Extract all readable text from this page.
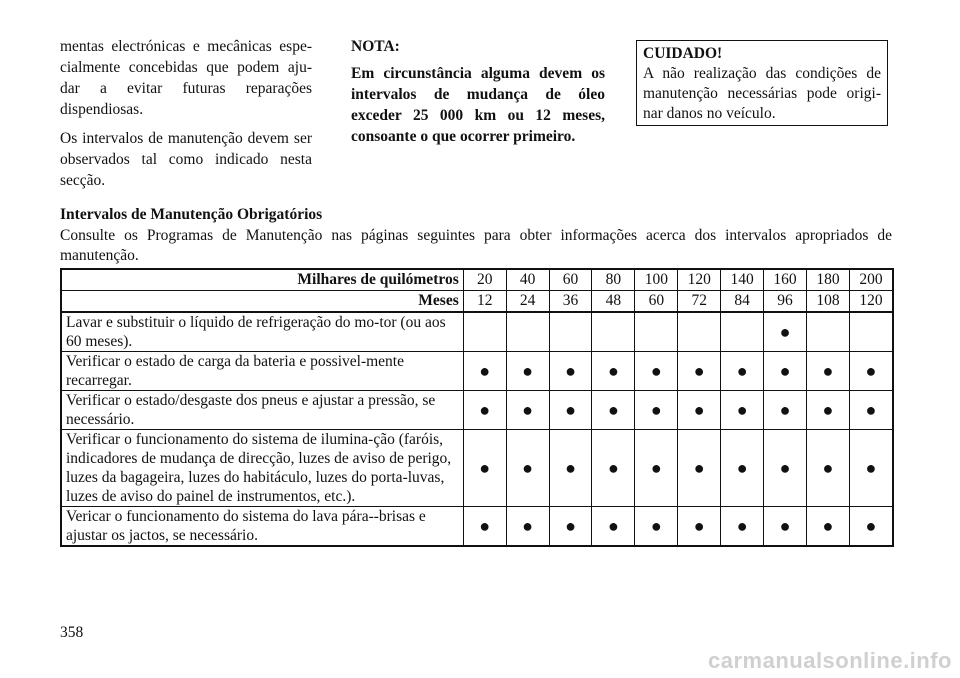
mentas electrónicas e mecânicas espe-cialmente concebidas que podem aju-dar a evitar futuras reparações dispendiosas.

Os intervalos de manutenção devem ser observados tal como indicado nesta secção.

NOTA:

Em circunstância alguma devem os intervalos de mudança de óleo exceder 25 000 km ou 12 meses, consoante o que ocorrer primeiro.

CUIDADO!
A não realização das condições de manutenção necessárias pode origi-nar danos no veículo.
Intervalos de Manutenção Obrigatórios
Consulte os Programas de Manutenção nas páginas seguintes para obter informações acerca dos intervalos apropriados de manutenção.
Milhares de quilómetros	20	40	60	80	100	120	140	160	180	200
Meses	12	24	36	48	60	72	84	96	108	120
Lavar e substituir o líquido de refrigeração do mo-tor (ou aos 60 meses).								●		
Verificar o estado de carga da bateria e possivel-mente recarregar.	●	●	●	●	●	●	●	●	●	●
Verificar o estado/desgaste dos pneus e ajustar a pressão, se necessário.	●	●	●	●	●	●	●	●	●	●
Verificar o funcionamento do sistema de ilumina-ção (faróis, indicadores de mudança de direcção, luzes de aviso de perigo, luzes da bagageira, luzes do habitáculo, luzes do porta-luvas, luzes de aviso do painel de instrumentos, etc.).	●	●	●	●	●	●	●	●	●	●
Vericar o funcionamento do sistema do lava pára--brisas e ajustar os jactos, se necessário.	●	●	●	●	●	●	●	●	●	●
358
carmanualsonline.info
